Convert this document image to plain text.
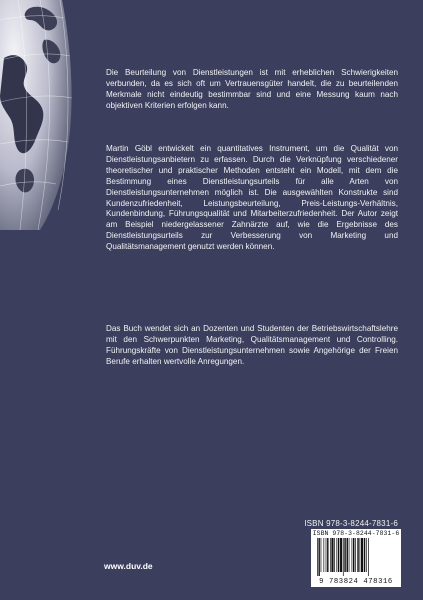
Die Beurteilung von Dienstleistungen ist mit erheblichen Schwierigkeiten verbunden, da es sich oft um Vertrauensgüter handelt, die zu beurteilenden Merkmale nicht eindeutig bestimmbar sind und eine Messung kaum nach objektiven Kriterien erfolgen kann.

Martin Göbl entwickelt ein quantitatives Instrument, um die Qualität von Dienstleistungsanbietern zu erfassen. Durch die Verknüpfung verschiedener theoretischer und praktischer Methoden entsteht ein Modell, mit dem die Bestimmung eines Dienstleistungsurteils für alle Arten von Dienstleistungsunternehmen möglich ist. Die ausgewählten Konstrukte sind Kundenzufriedenheit, Leistungsbeurteilung, Preis-Leistungs-Verhältnis, Kundenbindung, Führungsqualität und Mitarbeiterzufriedenheit. Der Autor zeigt am Beispiel niedergelassener Zahnärzte auf, wie die Ergebnisse des Dienstleistungsurteils zur Verbesserung von Marketing und Qualitätsmanagement genutzt werden können.

Das Buch wendet sich an Dozenten und Studenten der Betriebswirtschaftslehre mit den Schwerpunkten Marketing, Qualitätsmanagement und Controlling. Führungskräfte von Dienstleistungsunternehmen sowie Angehörige der Freien Berufe erhalten wertvolle Anregungen.

ISBN 978-3-8244-7831-6
ISBN 978-3-8244-7831-6
9 783824 478316
www.duv.de
